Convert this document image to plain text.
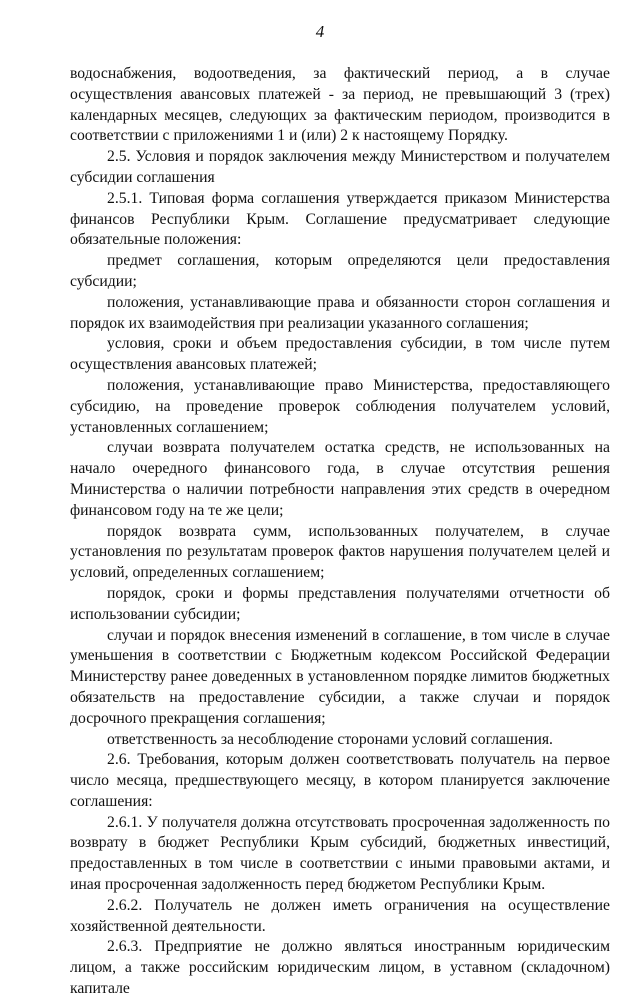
4

водоснабжения, водоотведения, за фактический период, а в случае осуществления авансовых платежей - за период, не превышающий 3 (трех) календарных месяцев, следующих за фактическим периодом, производится в соответствии с приложениями 1 и (или) 2 к настоящему Порядку.

2.5. Условия и порядок заключения между Министерством и получателем субсидии соглашения

2.5.1. Типовая форма соглашения утверждается приказом Министерства финансов Республики Крым. Соглашение предусматривает следующие обязательные положения:

предмет соглашения, которым определяются цели предоставления субсидии;

положения, устанавливающие права и обязанности сторон соглашения и порядок их взаимодействия при реализации указанного соглашения;

условия, сроки и объем предоставления субсидии, в том числе путем осуществления авансовых платежей;

положения, устанавливающие право Министерства, предоставляющего субсидию, на проведение проверок соблюдения получателем условий, установленных соглашением;

случаи возврата получателем остатка средств, не использованных на начало очередного финансового года, в случае отсутствия решения Министерства о наличии потребности направления этих средств в очередном финансовом году на те же цели;

порядок возврата сумм, использованных получателем, в случае установления по результатам проверок фактов нарушения получателем целей и условий, определенных соглашением;

порядок, сроки и формы представления получателями отчетности об использовании субсидии;

случаи и порядок внесения изменений в соглашение, в том числе в случае уменьшения в соответствии с Бюджетным кодексом Российской Федерации Министерству ранее доведенных в установленном порядке лимитов бюджетных обязательств на предоставление субсидии, а также случаи и порядок досрочного прекращения соглашения;

ответственность за несоблюдение сторонами условий соглашения.

2.6. Требования, которым должен соответствовать получатель на первое число месяца, предшествующего месяцу, в котором планируется заключение соглашения:

2.6.1. У получателя должна отсутствовать просроченная задолженность по возврату в бюджет Республики Крым субсидий, бюджетных инвестиций, предоставленных в том числе в соответствии с иными правовыми актами, и иная просроченная задолженность перед бюджетом Республики Крым.

2.6.2. Получатель не должен иметь ограничения на осуществление хозяйственной деятельности.

2.6.3. Предприятие не должно являться иностранным юридическим лицом, а также российским юридическим лицом, в уставном (складочном) капитале
